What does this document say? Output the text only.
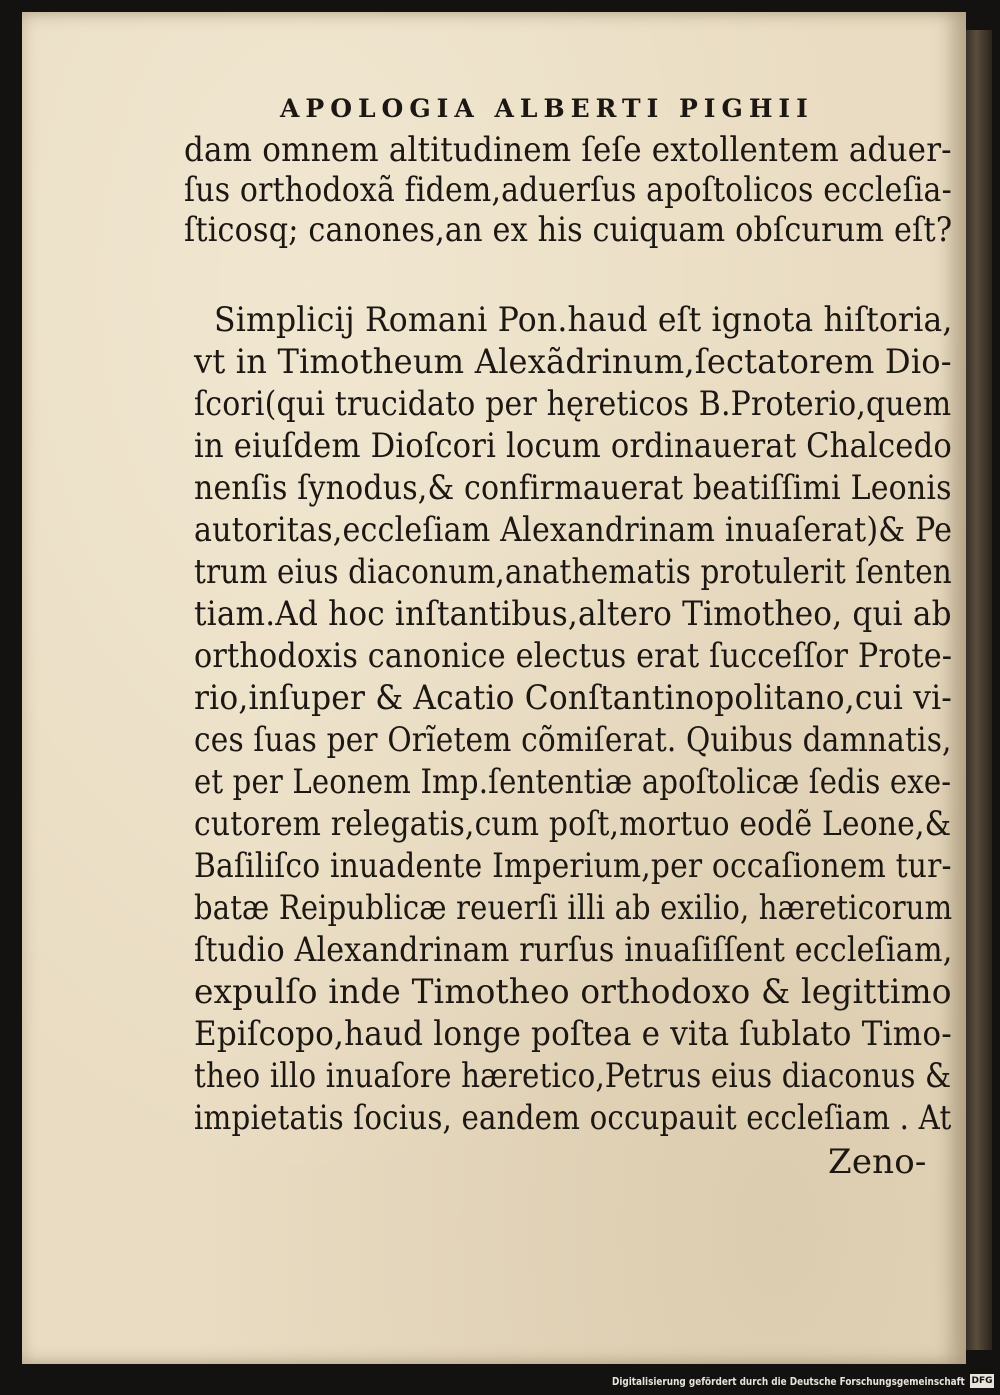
APOLOGIA ALBERTI PIGHII
dam omnem altitudinem ſeſe extollentem aduer-
ſus orthodoxã fidem,aduerſus apoſtolicos eccleſia-
ſticosq; canones,an ex his cuiquam obſcurum eſt?
Simplicij Romani Pon.haud eſt ignota hiſtoria,
vt in Timotheum Alexãdrinum,ſectatorem Dio-
ſcori(qui trucidato per hęreticos B.Proterio,quem
in eiuſdem Dioſcori locum ordinauerat Chalcedo
nenſis ſynodus,& confirmauerat beatiſſimi Leonis
autoritas,eccleſiam Alexandrinam inuaſerat)& Pe
trum eius diaconum,anathematis protulerit ſenten
tiam.Ad hoc inſtantibus,altero Timotheo, qui ab
orthodoxis canonice electus erat ſucceſſor Prote-
rio,inſuper & Acatio Conſtantinopolitano,cui vi-
ces ſuas per Orĩetem cõmiſerat. Quibus damnatis,
et per Leonem Imp.ſententiæ apoſtolicæ ſedis exe-
cutorem relegatis,cum poſt,mortuo eodẽ Leone,&
Baſiliſco inuadente Imperium,per occaſionem tur-
batæ Reipublicæ reuerſi illi ab exilio, hæreticorum
ſtudio Alexandrinam rurſus inuaſiſſent eccleſiam,
expulſo inde Timotheo orthodoxo & legittimo
Epiſcopo,haud longe poſtea e vita ſublato Timo-
theo illo inuaſore hæretico,Petrus eius diaconus &
impietatis ſocius, eandem occupauit eccleſiam . At
Zeno-
Digitalisierung gefördert durch die Deutsche Forschungsgemeinschaft DFG
